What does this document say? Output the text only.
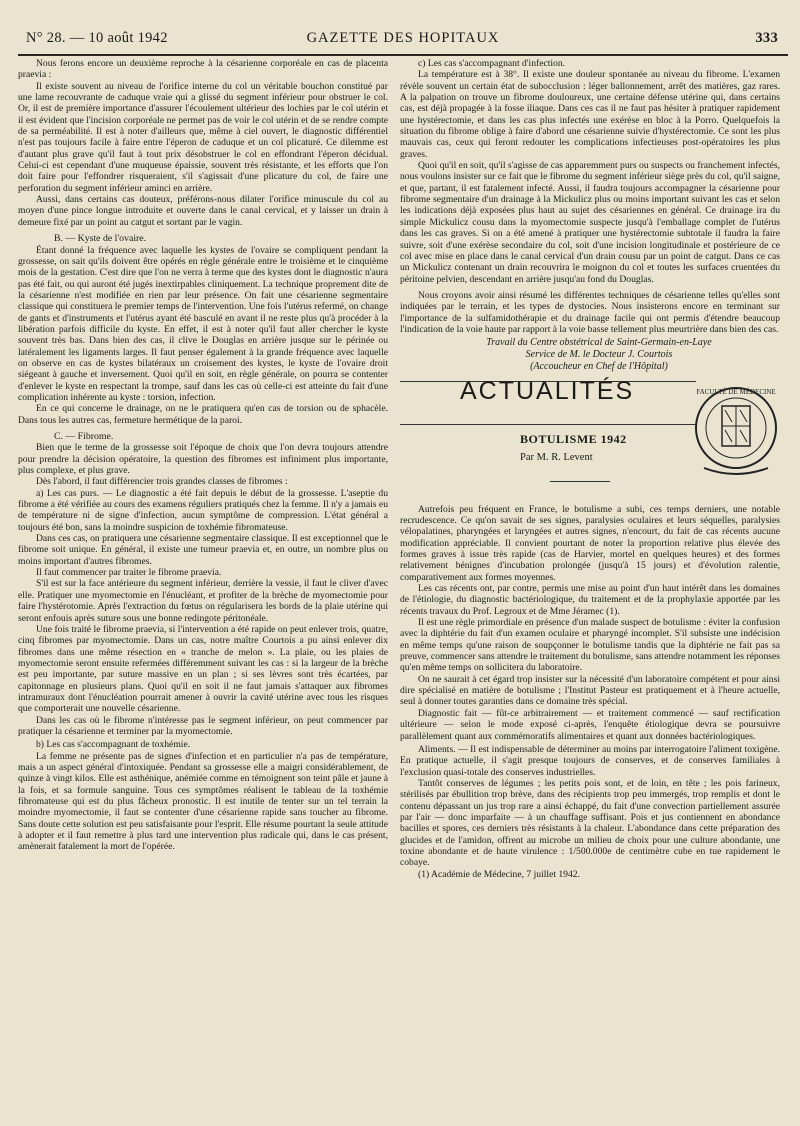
N° 28. — 10 août 1942	GAZETTE DES HOPITAUX	333

Nous ferons encore un deuxième reproche à la césarienne corporéale en cas de placenta praevia :

Il existe souvent au niveau de l'orifice interne du col un véritable bouchon constitué par une lame recouvrante de caduque vraie qui a glissé du segment inférieur pour obstruer le col. Or, il est de première importance d'assurer l'écoulement ultérieur des lochies par le col utérin et il est évident que l'incision corporéale ne permet pas de voir le col utérin et de se rendre compte de sa perméabilité. Il est à noter d'ailleurs que, même à ciel ouvert, le diagnostic différentiel n'est pas toujours facile à faire entre l'éperon de caduque et un col plicaturé. Ce dilemme est d'autant plus grave qu'il faut à tout prix désobstruer le col en effondrant l'éperon décidual. Celui-ci est cependant d'une muqueuse épaissie, souvent très résistante, et les efforts que l'on doit faire pour l'effondrer risqueraient, s'il s'agissait d'une plicature du col, de faire une perforation du segment inférieur aminci en arrière.

Aussi, dans certains cas douteux, préférons-nous dilater l'orifice minuscule du col au moyen d'une pince longue introduite et ouverte dans le canal cervical, et y laisser un drain à demeure fixé par un point au catgut et sortant par le vagin.

B. — Kyste de l'ovaire.

Étant donné la fréquence avec laquelle les kystes de l'ovaire se compliquent pendant la grossesse, on sait qu'ils doivent être opérés en règle générale entre le troisième et le cinquième mois de la gestation. C'est dire que l'on ne verra à terme que des kystes dont le diagnostic n'aura pas été fait, ou qui auront été jugés inextirpables cliniquement. La technique proprement dite de la césarienne n'est modifiée en rien par leur présence. On fait une césarienne segmentaire classique qui constituera le premier temps de l'intervention. Une fois l'utérus refermé, on change de gants et d'instruments et l'utérus ayant été basculé en avant il ne reste plus qu'à procéder à la libération parfois difficile du kyste. En effet, il est à noter qu'il faut aller chercher le kyste souvent très bas. Dans bien des cas, il clive le Douglas en arrière jusque sur le périnée ou latéralement les ligaments larges. Il faut penser également à la grande fréquence avec laquelle on observe en cas de kystes bilatéraux un croisement des kystes, le kyste de l'ovaire droit siégeant à gauche et inversement. Quoi qu'il en soit, en règle générale, on pourra se contenter d'enlever le kyste en respectant la trompe, sauf dans les cas où celle-ci est atteinte du fait d'une complication inhérente au kyste : torsion, infection.

En ce qui concerne le drainage, on ne le pratiquera qu'en cas de torsion ou de sphacèle. Dans tous les autres cas, fermeture hermétique de la paroi.

C. — Fibrome.

Bien que le terme de la grossesse soit l'époque de choix que l'on devra toujours attendre pour prendre la décision opératoire, la question des fibromes est infiniment plus importante, plus complexe, et plus grave.

Dès l'abord, il faut différencier trois grandes classes de fibromes :

a) Les cas purs. — Le diagnostic a été fait depuis le début de la grossesse. L'aseptie du fibrome a été vérifiée au cours des examens réguliers pratiqués chez la femme. Il n'y a jamais eu de température ni de signe d'infection, aucun symptôme de compression. L'état général a toujours été bon, sans la moindre suspicion de toxhémie fibromateuse.

Dans ces cas, on pratiquera une césarienne segmentaire classique. Il est exceptionnel que le fibrome soit unique. En général, il existe une tumeur praevia et, en outre, un nombre plus ou moins important d'autres fibromes.

Il faut commencer par traiter le fibrome praevia.

S'il est sur la face antérieure du segment inférieur, derrière la vessie, il faut le cliver d'avec elle. Pratiquer une myomectomie en l'énucléant, et profiter de la brèche de myomectomie pour faire l'hystérotomie. Après l'extraction du fœtus on régularisera les bords de la plaie utérine qui seront enfouis après suture sous une bonne redingote péritonéale.

Une fois traité le fibrome praevia, si l'intervention a été rapide on peut enlever trois, quatre, cinq fibromes par myomectomie. Dans un cas, notre maître Courtois a pu ainsi enlever dix fibromes dans une même résection en « tranche de melon ». La plaie, ou les plaies de myomectomie seront ensuite refermées différemment suivant les cas : si la largeur de la brèche est peu importante, par suture massive en un plan ; si ses lèvres sont très écartées, par capitonnage en plusieurs plans. Quoi qu'il en soit il ne faut jamais s'attaquer aux fibromes intramuraux dont l'énucléation pourrait amener à ouvrir la cavité utérine avec tous les risques que comporterait une nouvelle césarienne.

Dans les cas où le fibrome n'intéresse pas le segment inférieur, on peut commencer par pratiquer la césarienne et terminer par la myomectomie.

b) Les cas s'accompagnant de toxhémie.

La femme ne présente pas de signes d'infection et en particulier n'a pas de température, mais a un aspect général d'intoxiquée. Pendant sa grossesse elle a maigri considérablement, de quinze à vingt kilos. Elle est asthénique, anémiée comme en témoignent son teint pâle et jaune à la fois, et sa formule sanguine. Tous ces symptômes réalisent le tableau de la toxhémie fibromateuse qui est du plus fâcheux pronostic. Il est inutile de tenter sur un tel terrain la moindre myomectomie, il faut se contenter d'une césarienne rapide sans toucher au fibrome. Sans doute cette solution est peu satisfaisante pour l'esprit. Elle résume pourtant la seule attitude à adopter et il faut remettre à plus tard une intervention plus radicale qui, dans le cas présent, amènerait fatalement la mort de l'opérée.

c) Les cas s'accompagnant d'infection.

La température est à 38°. Il existe une douleur spontanée au niveau du fibrome. L'examen révèle souvent un certain état de subocclusion : léger ballonnement, arrêt des matières, gaz rares. A la palpation on trouve un fibrome douloureux, une certaine défense utérine qui, dans certains cas, est déjà propagée à la fosse iliaque. Dans ces cas il ne faut pas hésiter à pratiquer rapidement une hystérectomie, et dans les cas plus infectés une exérèse en bloc à la Porro. Quelquefois la situation du fibrome oblige à faire d'abord une césarienne suivie d'hystérectomie. Ce sont les plus mauvais cas, ceux qui feront redouter les complications infectieuses post-opératoires les plus graves.

Quoi qu'il en soit, qu'il s'agisse de cas apparemment purs ou suspects ou franchement infectés, nous voulons insister sur ce fait que le fibrome du segment inférieur siège près du col, qu'il saigne, et que, partant, il est fatalement infecté. Aussi, il faudra toujours accompagner la césarienne pour fibrome segmentaire d'un drainage à la Mickulicz plus ou moins important suivant les cas et selon les indications déjà exposées plus haut au sujet des césariennes en général. Ce drainage ira du simple Mickulicz cousu dans la myomectomie suspecte jusqu'à l'emballage complet de l'utérus dans les cas graves. Si on a été amené à pratiquer une hystérectomie subtotale il faudra la faire suivre, soit d'une exérèse secondaire du col, soit d'une incision longitudinale et postérieure de ce col avec mise en place dans le canal cervical d'un drain cousu par un point de catgut. Dans ce cas un Mickulicz contenant un drain recouvrira le moignon du col et toutes les surfaces cruentées du péritoine pelvien, descendant en arrière jusqu'au fond du Douglas.

Nous croyons avoir ainsi résumé les différentes techniques de césarienne telles qu'elles sont indiquées par le terrain, et les types de dystocies. Nous insisterons encore en terminant sur l'importance de la sulfamidothérapie et du drainage facile qui ont permis d'étendre beaucoup l'indication de la voie haute par rapport à la voie basse tellement plus meurtrière dans bien des cas.

Travail du Centre obstétrical de Saint-Germain-en-Laye

Service de M. le Docteur J. Courtois

(Accoucheur en Chef de l'Hôpital)

ACTUALITÉS
BOTULISME 1942
Par M. R. Levent
FACULTÉ DE MÉDECINE

Autrefois peu fréquent en France, le botulisme a subi, ces temps derniers, une notable recrudescence. Ce qu'on savait de ses signes, paralysies oculaires et leurs séquelles, paralysies vélopalatines, pharyngées et laryngées et autres signes, n'encourt, du fait de cas récents aucune modification appréciable. Il convient pourtant de noter la proportion relative plus élevée des formes graves à issue très rapide (cas de Harvier, mortel en quelques heures) et des formes relativement bénignes d'incubation prolongée (jusqu'à 15 jours) et d'évolution ralentie, comparativement aux formes moyennes.

Les cas récents ont, par contre, permis une mise au point d'un haut intérêt dans les domaines de l'étiologie, du diagnostic bactériologique, du traitement et de la prophylaxie apportée par les récents travaux du Prof. Legroux et de Mme Jéramec (1).

Il est une règle primordiale en présence d'un malade suspect de botulisme : éviter la confusion avec la diphtérie du fait d'un examen oculaire et pharyngé incomplet. S'il subsiste une indécision en même temps qu'une raison de soupçonner le botulisme tandis que la diphtérie ne fait pas sa preuve, commencer sans attendre le traitement du botulisme, sans attendre notamment les réponses qu'en même temps on sollicitera du laboratoire.

On ne saurait à cet égard trop insister sur la nécessité d'un laboratoire compétent et pour ainsi dire spécialisé en matière de botulisme ; l'Institut Pasteur est pratiquement et à l'heure actuelle, seul à donner toutes garanties dans ce domaine très spécial.

Diagnostic fait — fût-ce arbitrairement — et traitement commencé — sauf rectification ultérieure — selon le mode exposé ci-après, l'enquête étiologique devra se poursuivre parallèlement quant aux commémoratifs alimentaires et quant aux données bactériologiques.

Aliments. — Il est indispensable de déterminer au moins par interrogatoire l'aliment toxigène. En pratique actuelle, il s'agit presque toujours de conserves, et de conserves familiales à l'exclusion quasi-totale des conserves industrielles.

Tantôt conserves de légumes ; les petits pois sont, et de loin, en tête ; les pois farineux, stérilisés par ébullition trop brève, dans des récipients trop peu immergés, trop remplis et dont le contenu dépassant un jus trop rare a ainsi échappé, du fait d'une convection partiellement assurée par l'air — donc imparfaite — à un chauffage suffisant. Pois et jus contiennent en abondance bacilles et spores, ces derniers très résistants à la chaleur. L'abondance dans cette préparation des glucides et de l'amidon, offrent au microbe un milieu de choix pour une culture abondante, une toxine abondante et de haute virulence : 1/500.000e de centimètre cube en tue rapidement le cobaye.

(1) Académie de Médecine, 7 juillet 1942.
